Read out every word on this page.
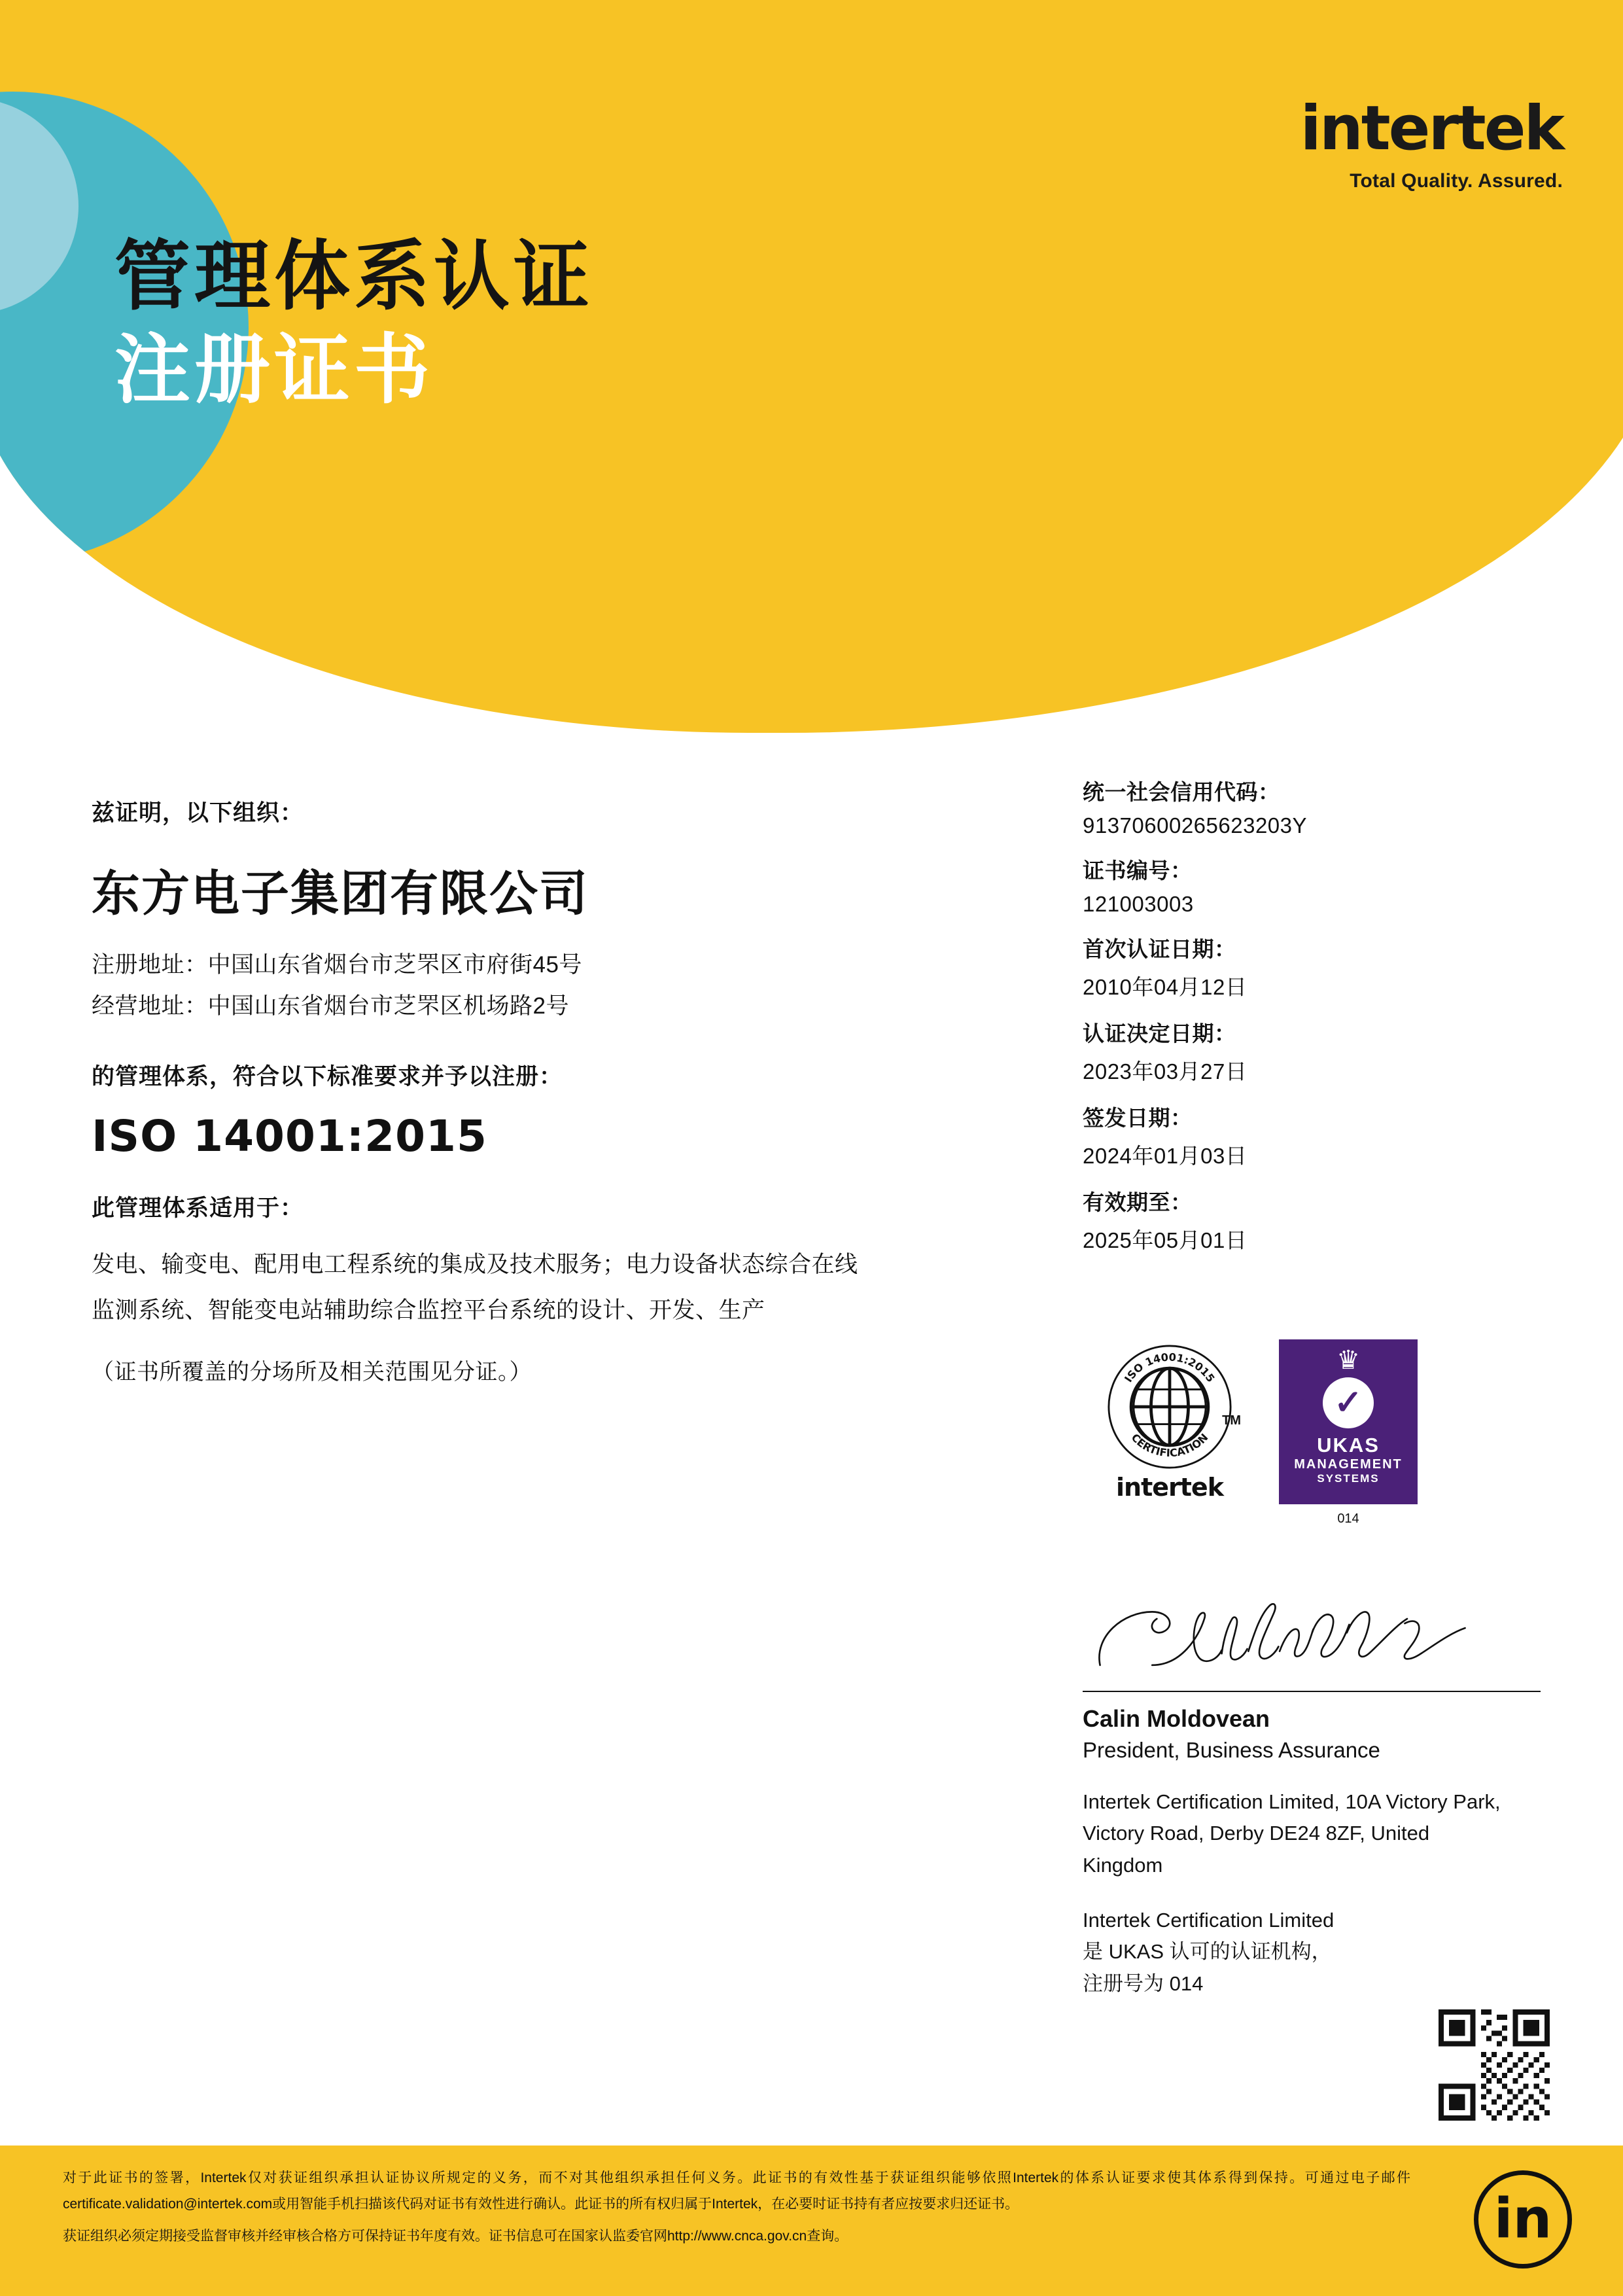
intertek
Total Quality. Assured.
管理体系认证
注册证书
兹证明，以下组织：
东方电子集团有限公司
注册地址：中国山东省烟台市芝罘区市府街45号
经营地址：中国山东省烟台市芝罘区机场路2号
的管理体系，符合以下标准要求并予以注册：
ISO 14001:2015
此管理体系适用于：
发电、输变电、配用电工程系统的集成及技术服务；电力设备状态综合在线
监测系统、智能变电站辅助综合监控平台系统的设计、开发、生产
（证书所覆盖的分场所及相关范围见分证。）
统一社会信用代码：
91370600265623203Y
证书编号：
121003003
首次认证日期：
2010年04月12日
认证决定日期：
2023年03月27日
签发日期：
2024年01月03日
有效期至：
2025年05月01日
ISO 14001:2015
CERTIFICATION
TM
intertek
♛
✓
UKAS
MANAGEMENT
SYSTEMS
014
Calin Moldovean
President, Business Assurance
Intertek Certification Limited, 10A Victory Park, Victory Road, Derby DE24 8ZF, United Kingdom
Intertek Certification Limited
是 UKAS 认可的认证机构，
注册号为 014
对于此证书的签署，Intertek仅对获证组织承担认证协议所规定的义务，而不对其他组织承担任何义务。此证书的有效性基于获证组织能够依照Intertek的体系认证要求使其体系得到保持。可通过电子邮件certificate.validation@intertek.com或用智能手机扫描该代码对证书有效性进行确认。此证书的所有权归属于Intertek，在必要时证书持有者应按要求归还证书。
获证组织必须定期接受监督审核并经审核合格方可保持证书年度有效。证书信息可在国家认监委官网http://www.cnca.gov.cn查询。	in
